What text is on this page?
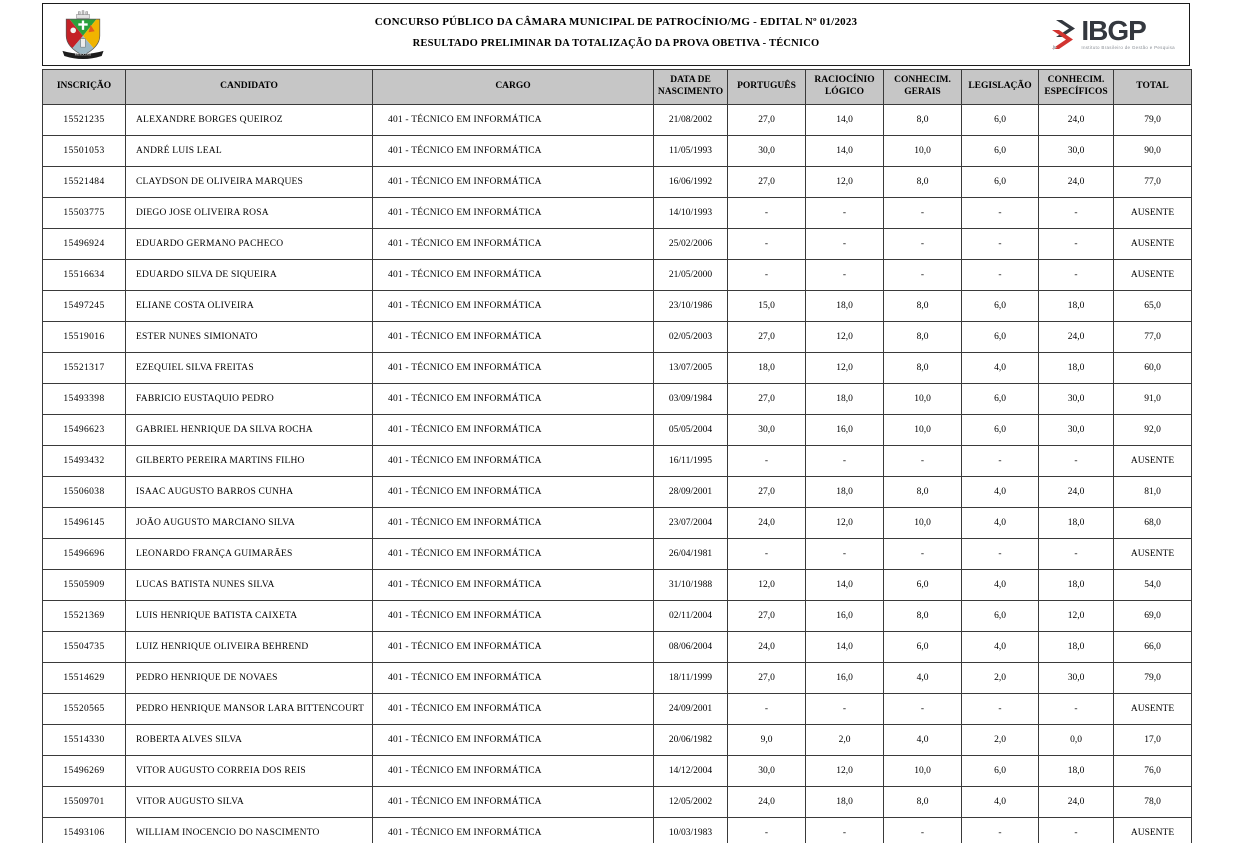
PATROCÍNIO
CONCURSO PÚBLICO DA CÂMARA MUNICIPAL DE PATROCÍNIO/MG - EDITAL Nº 01/2023
RESULTADO PRELIMINAR DA TOTALIZAÇÃO DA PROVA OBETIVA - TÉCNICO	IBGP
Instituto Brasileiro de Gestão e Pesquisa
INSCRIÇÃO	CANDIDATO	CARGO	DATA DE NASCIMENTO	PORTUGUÊS	RACIOCÍNIO LÓGICO	CONHECIM. GERAIS	LEGISLAÇÃO	CONHECIM. ESPECÍFICOS	TOTAL
15521235	ALEXANDRE BORGES QUEIROZ	401 - TÉCNICO EM INFORMÁTICA	21/08/2002	27,0	14,0	8,0	6,0	24,0	79,0
15501053	ANDRÉ LUIS LEAL	401 - TÉCNICO EM INFORMÁTICA	11/05/1993	30,0	14,0	10,0	6,0	30,0	90,0
15521484	CLAYDSON DE OLIVEIRA MARQUES	401 - TÉCNICO EM INFORMÁTICA	16/06/1992	27,0	12,0	8,0	6,0	24,0	77,0
15503775	DIEGO JOSE OLIVEIRA ROSA	401 - TÉCNICO EM INFORMÁTICA	14/10/1993	-	-	-	-	-	AUSENTE
15496924	EDUARDO GERMANO PACHECO	401 - TÉCNICO EM INFORMÁTICA	25/02/2006	-	-	-	-	-	AUSENTE
15516634	EDUARDO SILVA DE SIQUEIRA	401 - TÉCNICO EM INFORMÁTICA	21/05/2000	-	-	-	-	-	AUSENTE
15497245	ELIANE COSTA OLIVEIRA	401 - TÉCNICO EM INFORMÁTICA	23/10/1986	15,0	18,0	8,0	6,0	18,0	65,0
15519016	ESTER NUNES SIMIONATO	401 - TÉCNICO EM INFORMÁTICA	02/05/2003	27,0	12,0	8,0	6,0	24,0	77,0
15521317	EZEQUIEL SILVA FREITAS	401 - TÉCNICO EM INFORMÁTICA	13/07/2005	18,0	12,0	8,0	4,0	18,0	60,0
15493398	FABRICIO EUSTAQUIO PEDRO	401 - TÉCNICO EM INFORMÁTICA	03/09/1984	27,0	18,0	10,0	6,0	30,0	91,0
15496623	GABRIEL HENRIQUE DA SILVA ROCHA	401 - TÉCNICO EM INFORMÁTICA	05/05/2004	30,0	16,0	10,0	6,0	30,0	92,0
15493432	GILBERTO PEREIRA MARTINS FILHO	401 - TÉCNICO EM INFORMÁTICA	16/11/1995	-	-	-	-	-	AUSENTE
15506038	ISAAC AUGUSTO BARROS CUNHA	401 - TÉCNICO EM INFORMÁTICA	28/09/2001	27,0	18,0	8,0	4,0	24,0	81,0
15496145	JOÃO AUGUSTO MARCIANO SILVA	401 - TÉCNICO EM INFORMÁTICA	23/07/2004	24,0	12,0	10,0	4,0	18,0	68,0
15496696	LEONARDO FRANÇA GUIMARÃES	401 - TÉCNICO EM INFORMÁTICA	26/04/1981	-	-	-	-	-	AUSENTE
15505909	LUCAS BATISTA NUNES SILVA	401 - TÉCNICO EM INFORMÁTICA	31/10/1988	12,0	14,0	6,0	4,0	18,0	54,0
15521369	LUIS HENRIQUE BATISTA CAIXETA	401 - TÉCNICO EM INFORMÁTICA	02/11/2004	27,0	16,0	8,0	6,0	12,0	69,0
15504735	LUIZ HENRIQUE OLIVEIRA BEHREND	401 - TÉCNICO EM INFORMÁTICA	08/06/2004	24,0	14,0	6,0	4,0	18,0	66,0
15514629	PEDRO HENRIQUE DE NOVAES	401 - TÉCNICO EM INFORMÁTICA	18/11/1999	27,0	16,0	4,0	2,0	30,0	79,0
15520565	PEDRO HENRIQUE MANSOR LARA BITTENCOURT	401 - TÉCNICO EM INFORMÁTICA	24/09/2001	-	-	-	-	-	AUSENTE
15514330	ROBERTA ALVES SILVA	401 - TÉCNICO EM INFORMÁTICA	20/06/1982	9,0	2,0	4,0	2,0	0,0	17,0
15496269	VITOR AUGUSTO CORREIA DOS REIS	401 - TÉCNICO EM INFORMÁTICA	14/12/2004	30,0	12,0	10,0	6,0	18,0	76,0
15509701	VITOR AUGUSTO SILVA	401 - TÉCNICO EM INFORMÁTICA	12/05/2002	24,0	18,0	8,0	4,0	24,0	78,0
15493106	WILLIAM INOCENCIO DO NASCIMENTO	401 - TÉCNICO EM INFORMÁTICA	10/03/1983	-	-	-	-	-	AUSENTE
